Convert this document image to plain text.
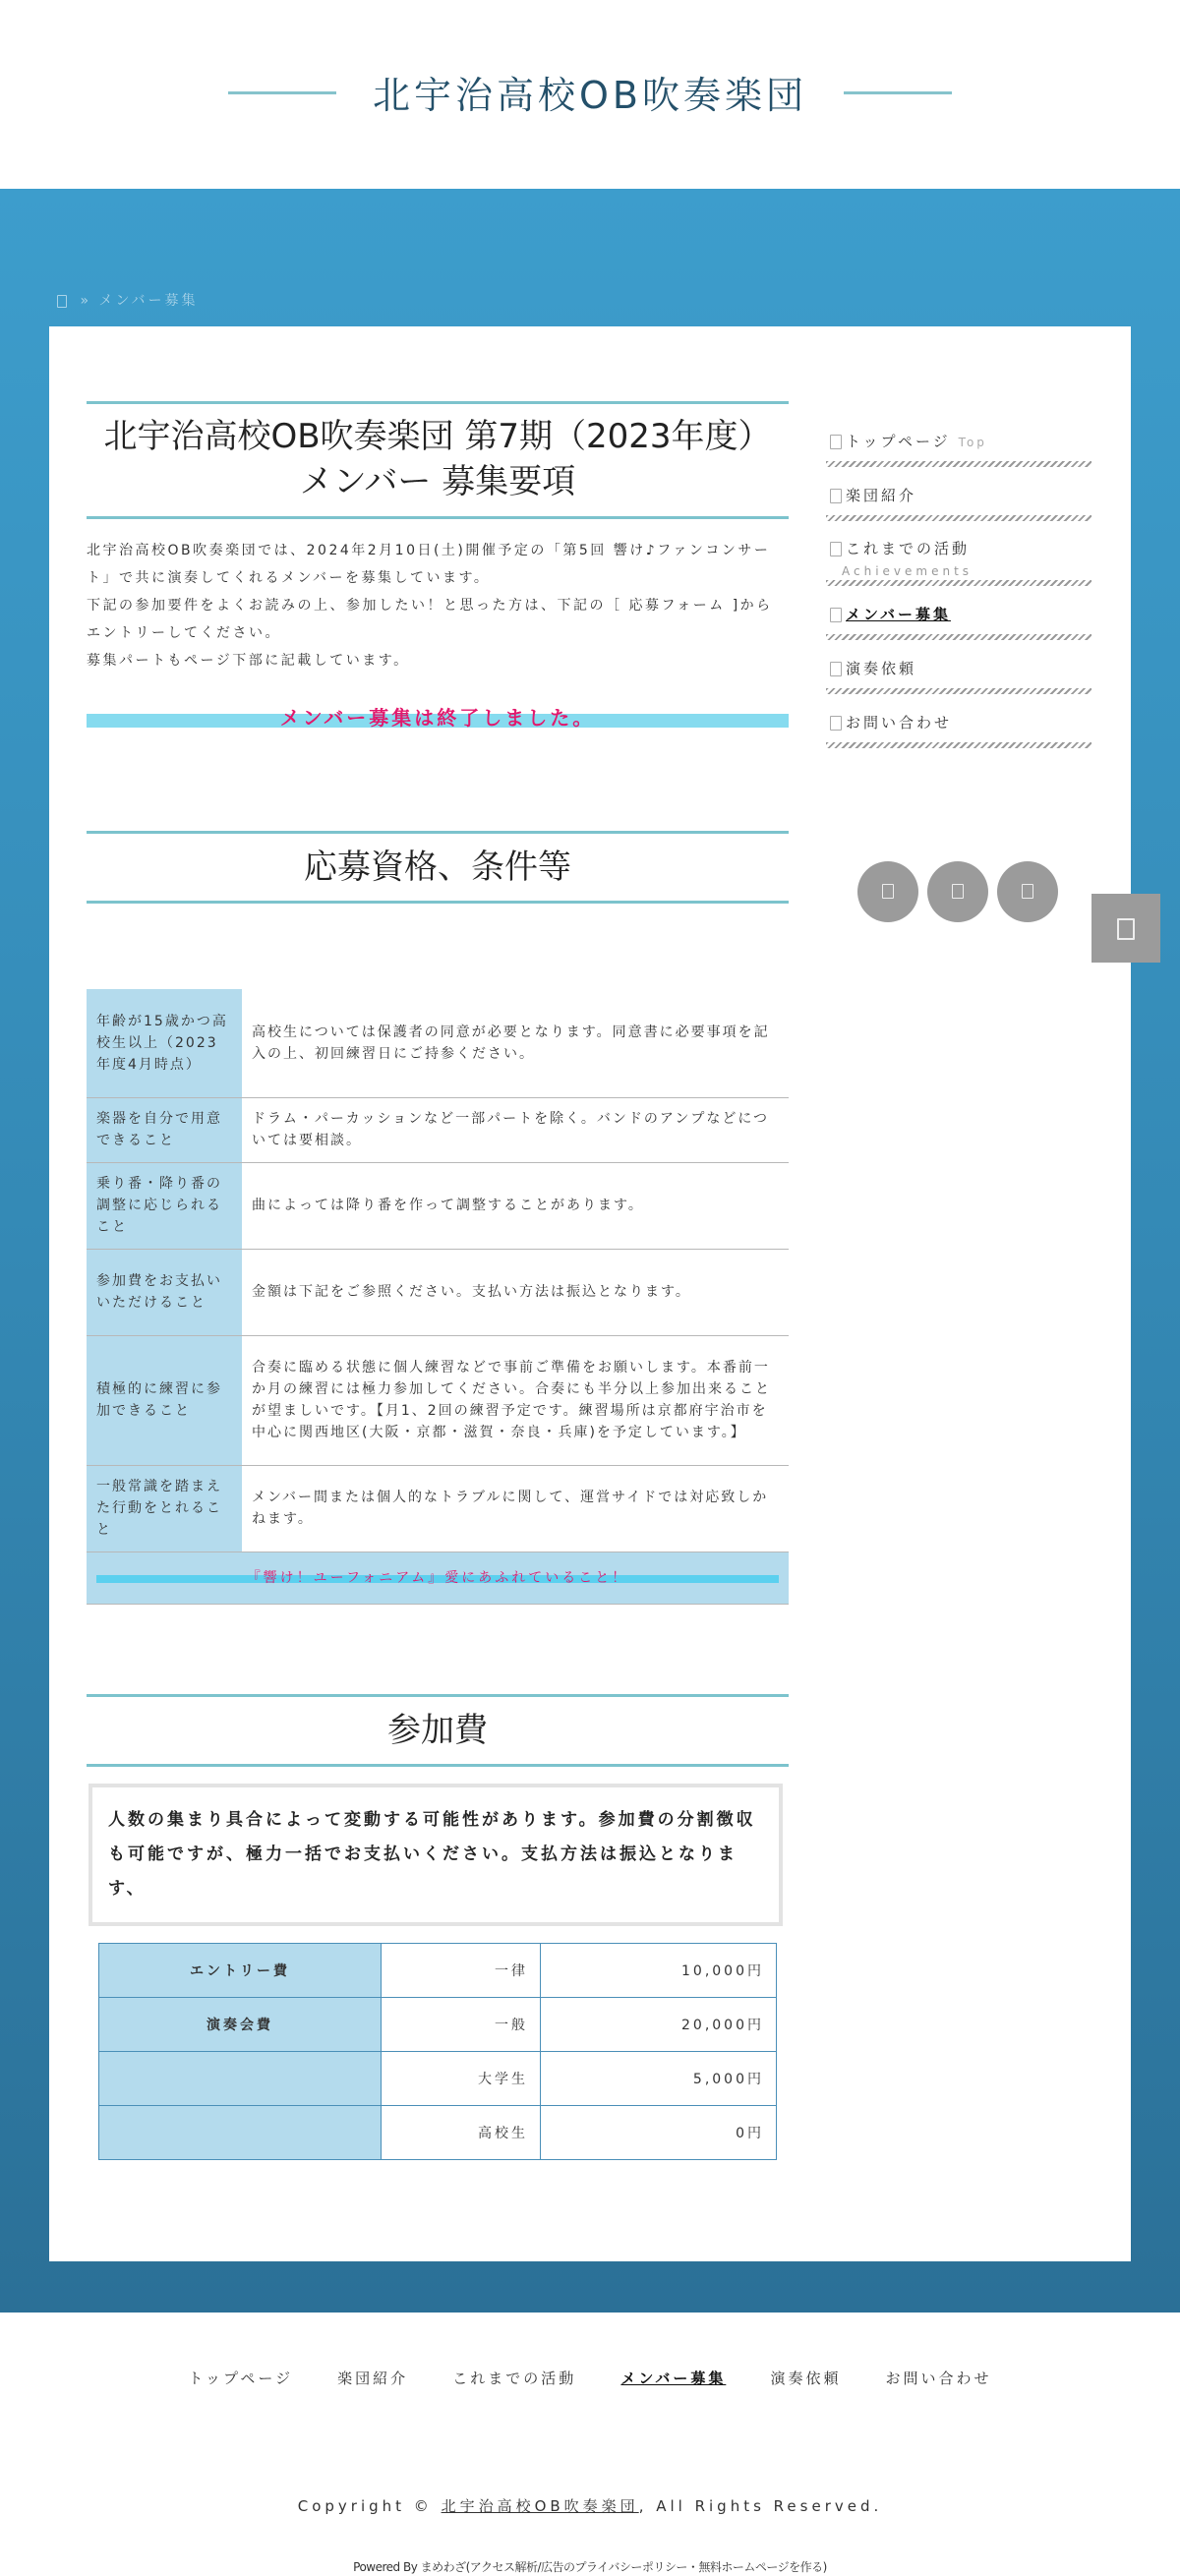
北宇治高校OB吹奏楽団
» メンバー募集
北宇治高校OB吹奏楽団 第7期（2023年度）メンバー 募集要項
北宇治高校OB吹奏楽団では、2024年2月10日(土)開催予定の「第5回 響け♪ファンコンサート」で共に演奏してくれるメンバーを募集しています。
下記の参加要件をよくお読みの上、参加したい！と思った方は、下記の［ 応募フォーム ]からエントリーしてください。
募集パートもページ下部に記載しています。
メンバー募集は終了しました。
応募資格、条件等
年齢が15歳かつ高校生以上（2023年度4月時点）	高校生については保護者の同意が必要となります。同意書に必要事項を記入の上、初回練習日にご持参ください。
楽器を自分で用意できること	ドラム・パーカッションなど一部パートを除く。バンドのアンプなどについては要相談。
乗り番・降り番の調整に応じられること	曲によっては降り番を作って調整することがあります。
参加費をお支払いいただけること	金額は下記をご参照ください。支払い方法は振込となります。
積極的に練習に参加できること	合奏に臨める状態に個人練習などで事前ご準備をお願いします。本番前一か月の練習には極力参加してください。合奏にも半分以上参加出来ることが望ましいです。【月1、2回の練習予定です。練習場所は京都府宇治市を中心に関西地区(大阪・京都・滋賀・奈良・兵庫)を予定しています。】
一般常識を踏まえた行動をとれること	メンバー間または個人的なトラブルに関して、運営サイドでは対応致しかねます。

『響け！ユーフォニアム』愛にあふれていること！	
参加費
人数の集まり具合によって変動する可能性があります。参加費の分割徴収も可能ですが、極力一括でお支払いください。支払方法は振込となります、
エントリー費	一律	10,000円
演奏会費	一般	20,000円
	大学生	5,000円
	高校生	0円
トップページ Top
楽団紹介
これまでの活動
Achievements
メンバー募集
演奏依頼
お問い合わせ
トップページ	楽団紹介	これまでの活動	メンバー募集	演奏依頼	お問い合わせ
Copyright © 北宇治高校OB吹奏楽団, All Rights Reserved.
Powered By まめわざ(アクセス解析/広告のプライバシーポリシー・無料ホームページを作る)
